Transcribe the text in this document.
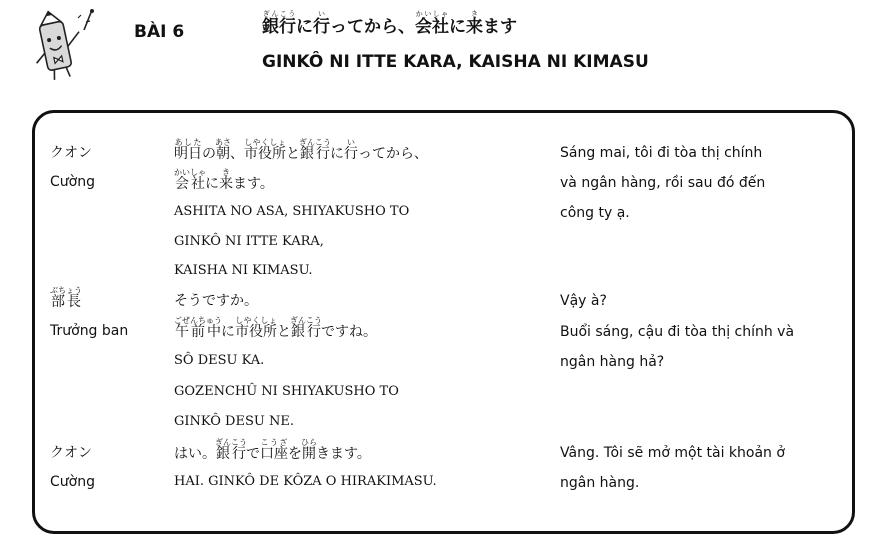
BÀI 6	銀行ぎんこうに行いってから、会社かいしゃに来きます
GINKÔ NI ITTE KARA, KAISHA NI KIMASU
クオン
Cường
明日あしたの朝あさ、市役所しやくしょと銀行ぎんこうに行いってから、
会社かいしゃに来きます。
ASHITA NO ASA, SHIYAKUSHO TO
GINKÔ NI ITTE KARA,
KAISHA NI KIMASU.
Sáng mai, tôi đi tòa thị chính
và ngân hàng, rồi sau đó đến
công ty ạ.
部長ぶちょう
Trưởng ban
そうですか。
午前中ごぜんちゅうに市役所しやくしょと銀行ぎんこうですね。
SÔ DESU KA.
GOZENCHÛ NI SHIYAKUSHO TO
GINKÔ DESU NE.
Vậy à?
Buổi sáng, cậu đi tòa thị chính và
ngân hàng hả?
クオン
Cường
はい。銀行ぎんこうで口座こうざを開ひらきます。
HAI. GINKÔ DE KÔZA O HIRAKIMASU.
Vâng. Tôi sẽ mở một tài khoản ở
ngân hàng.
